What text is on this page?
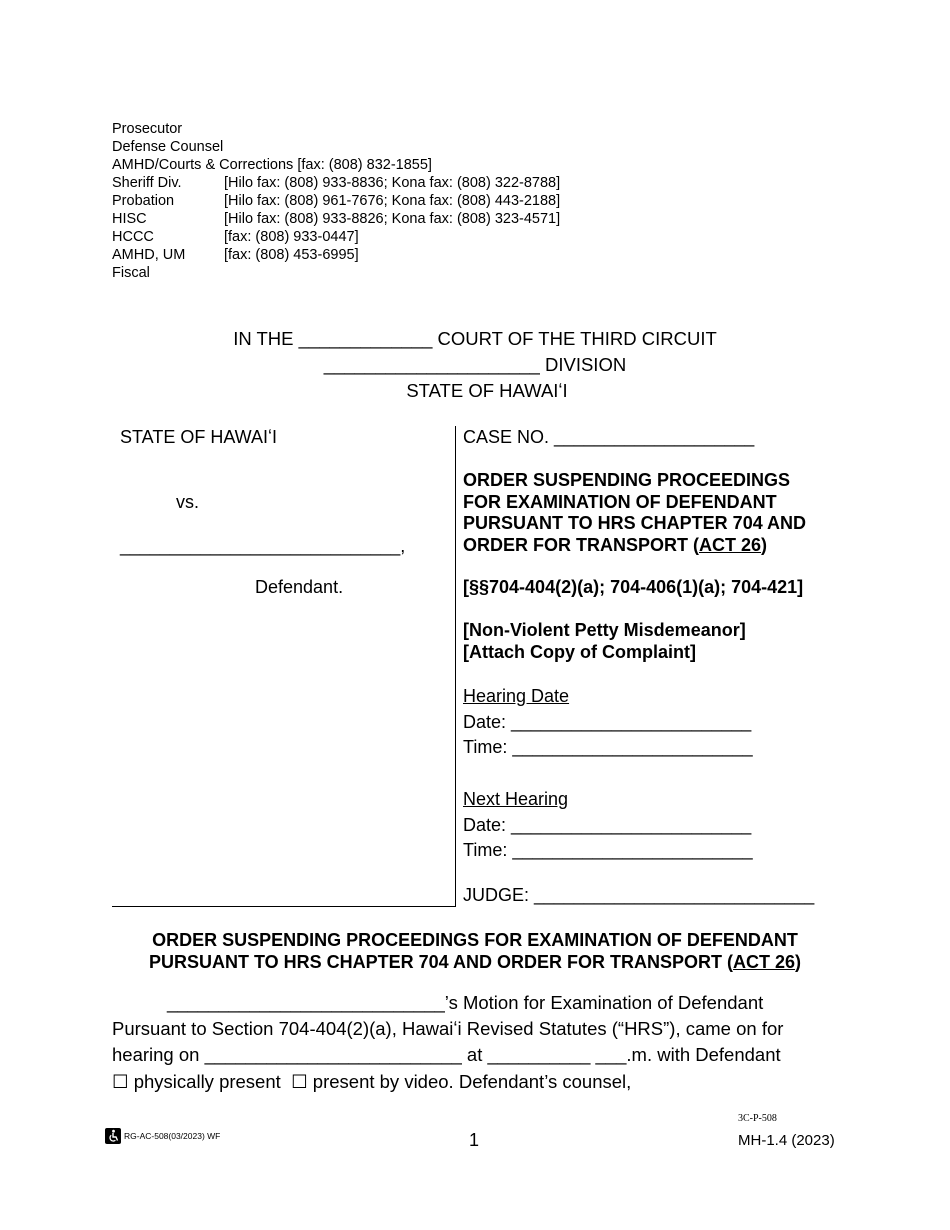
Prosecutor
Defense Counsel
AMHD/Courts & Corrections [fax: (808) 832-1855]
Sheriff Div.	[Hilo fax: (808) 933-8836; Kona fax: (808) 322-8788]
Probation	[Hilo fax: (808) 961-7676; Kona fax: (808) 443-2188]
HISC	[Hilo fax: (808) 933-8826; Kona fax: (808) 323-4571]
HCCC	[fax: (808) 933-0447]
AMHD, UM	[fax: (808) 453-6995]
Fiscal
IN THE _____________ COURT OF THE THIRD CIRCUIT
_____________________ DIVISION
STATE OF HAWAIʻI
STATE OF HAWAIʻI
vs.
____________________________,
Defendant.
CASE NO. ____________________
ORDER SUSPENDING PROCEEDINGS
FOR EXAMINATION OF DEFENDANT
PURSUANT TO HRS CHAPTER 704 AND
ORDER FOR TRANSPORT (ACT 26)
[§§704-404(2)(a); 704-406(1)(a); 704-421]
[Non-Violent Petty Misdemeanor]
[Attach Copy of Complaint]
Hearing Date
Date: ________________________
Time: ________________________
Next Hearing
Date: ________________________
Time: ________________________
JUDGE: ____________________________
ORDER SUSPENDING PROCEEDINGS FOR EXAMINATION OF DEFENDANT
PURSUANT TO HRS CHAPTER 704 AND ORDER FOR TRANSPORT (ACT 26)
___________________________’s Motion for Examination of Defendant
Pursuant to Section 704-404(2)(a), Hawaiʻi Revised Statutes (“HRS”), came on for
hearing on _________________________ at __________ ___.m. with Defendant
☐ physically present ☐ present by video. Defendant’s counsel,
3C-P-508
RG-AC-508(03/2023) WF	1	MH-1.4 (2023)
